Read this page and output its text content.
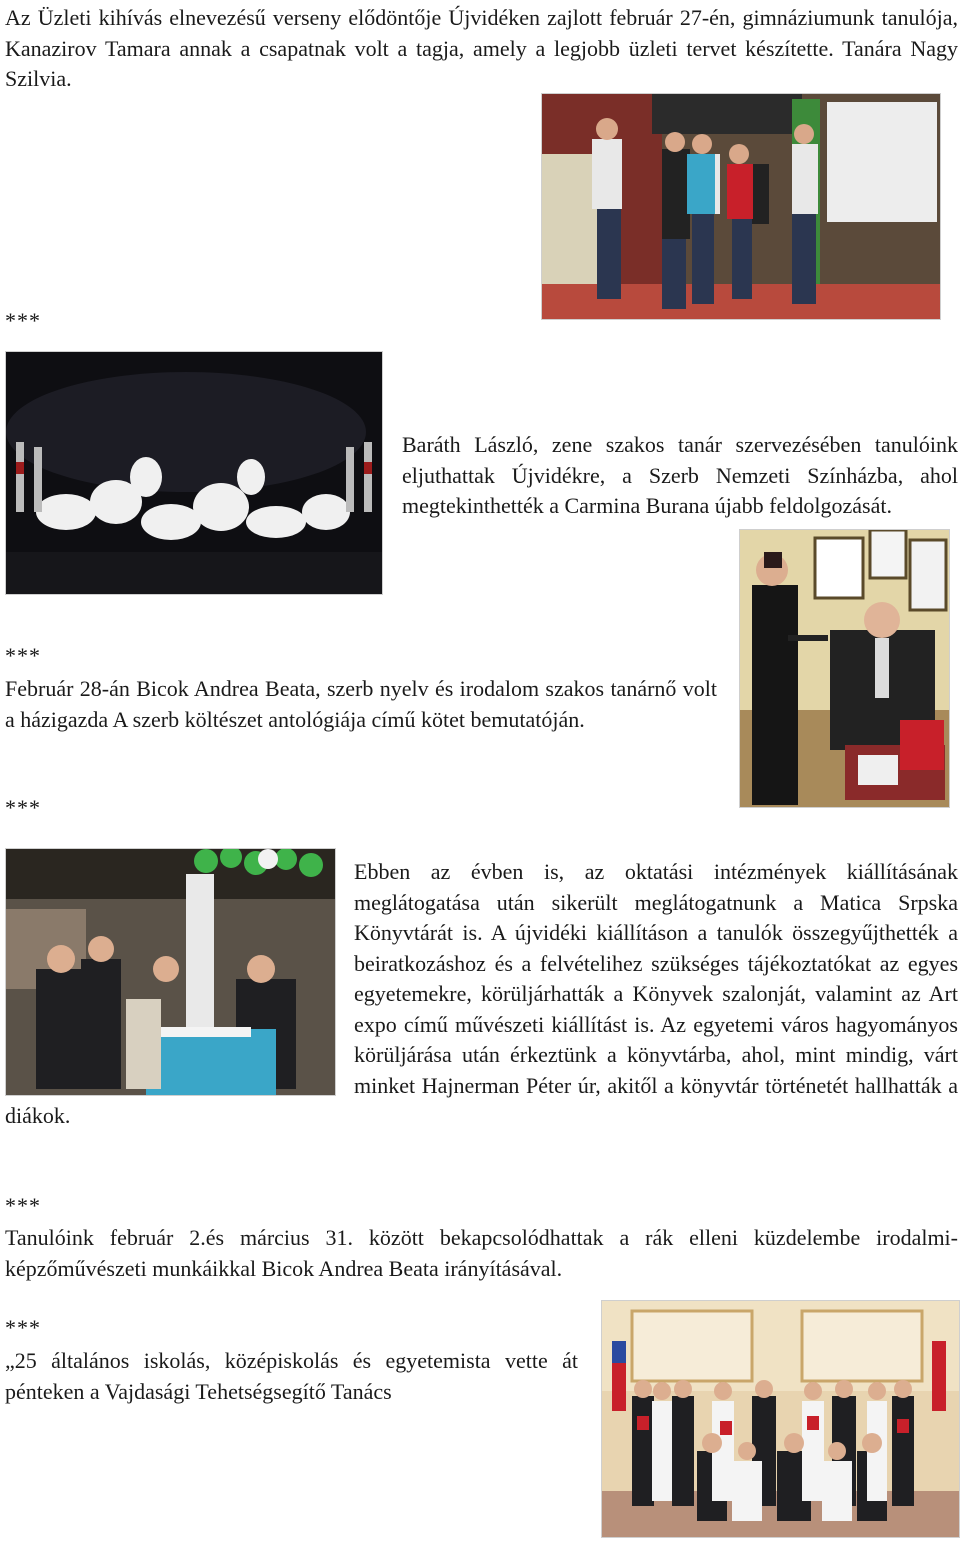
Az Üzleti kihívás elnevezésű verseny elődöntője Újvidéken zajlott február 27-én, gimnáziumunk tanulója, Kanazirov Tamara annak a csapatnak volt a tagja, amely a legjobb üzleti tervet készítette. Tanára Nagy Szilvia.

***

Baráth László, zene szakos tanár szervezésében tanulóink eljuthattak Újvidékre, a Szerb Nemzeti Színházba, ahol megtekinthették a Carmina Burana újabb feldolgozását.

***

Február 28-án Bicok Andrea Beata, szerb nyelv és irodalom szakos tanárnő volt a házigazda A szerb költészet antológiája című kötet bemutatóján.

***

Ebben az évben is, az oktatási intézmények kiállításának meglátogatása után sikerült meglátogatnunk a Matica Srpska Könyvtárát is. A újvidéki kiállításon a tanulók összegyűjthették a beiratkozáshoz és a felvételihez szükséges tájékoztatókat az egyes egyetemekre, körüljárhatták a Könyvek szalonját, valamint az Art expo című művészeti kiállítást is. Az egyetemi város hagyományos körüljárása után érkeztünk a könyvtárba, ahol, mint mindig, várt minket Hajnerman Péter úr, akitől a könyvtár történetét hallhatták a diákok.

***

Tanulóink február 2.és március 31. között bekapcsolódhattak a rák elleni küzdelembe irodalmi-képzőművészeti munkáikkal Bicok Andrea Beata irányításával.

***

„25 általános iskolás, középiskolás és egyetemista vette át pénteken a Vajdasági Tehetségsegítő Tanács
